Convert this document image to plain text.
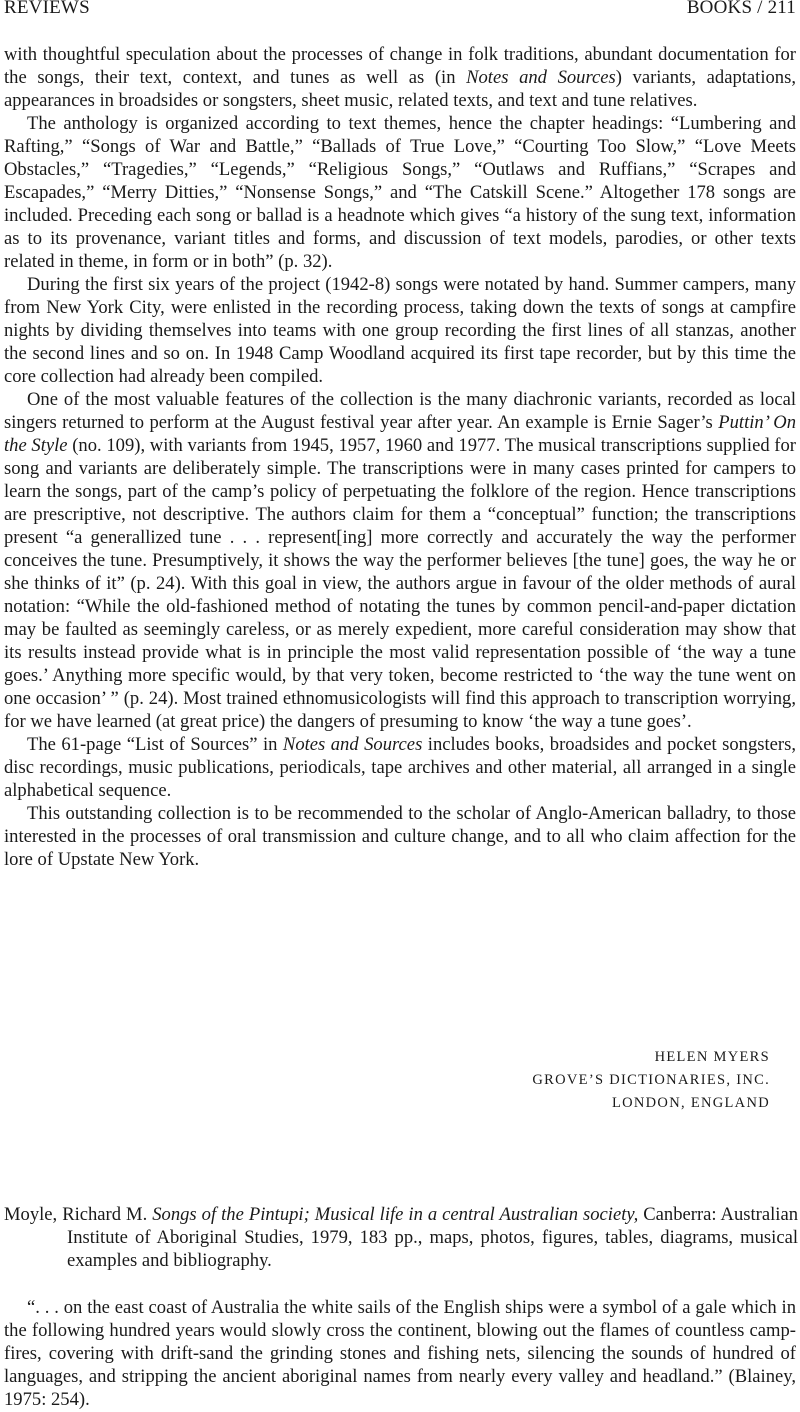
REVIEWS	BOOKS / 211

with thoughtful speculation about the processes of change in folk traditions, abundant documentation for the songs, their text, context, and tunes as well as (in Notes and Sources) variants, adaptations, appearances in broadsides or songsters, sheet music, related texts, and text and tune relatives.

The anthology is organized according to text themes, hence the chapter headings: “Lumbering and Rafting,” “Songs of War and Battle,” “Ballads of True Love,” “Courting Too Slow,” “Love Meets Obstacles,” “Tragedies,” “Legends,” “Religious Songs,” “Outlaws and Ruffians,” “Scrapes and Escapades,” “Merry Ditties,” “Nonsense Songs,” and “The Catskill Scene.” Altogether 178 songs are included. Preceding each song or ballad is a headnote which gives “a history of the sung text, information as to its provenance, variant titles and forms, and discussion of text models, parodies, or other texts related in theme, in form or in both” (p. 32).

During the first six years of the project (1942-8) songs were notated by hand. Summer campers, many from New York City, were enlisted in the recording process, taking down the texts of songs at campfire nights by dividing themselves into teams with one group recording the first lines of all stanzas, another the second lines and so on. In 1948 Camp Woodland acquired its first tape recorder, but by this time the core collection had already been compiled.

One of the most valuable features of the collection is the many diachronic variants, recorded as local singers returned to perform at the August festival year after year. An example is Ernie Sager’s Puttin’ On the Style (no. 109), with variants from 1945, 1957, 1960 and 1977. The musical transcriptions supplied for song and variants are deliberately simple. The transcriptions were in many cases printed for campers to learn the songs, part of the camp’s policy of perpetuating the folklore of the region. Hence transcriptions are prescriptive, not descriptive. The authors claim for them a “conceptual” function; the transcriptions present “a generallized tune . . . represent[ing] more correctly and accurately the way the performer conceives the tune. Presumptively, it shows the way the performer believes [the tune] goes, the way he or she thinks of it” (p. 24). With this goal in view, the authors argue in favour of the older methods of aural notation: “While the old-fashioned method of notating the tunes by common pencil-and-paper dictation may be faulted as seemingly careless, or as merely expedient, more careful consideration may show that its results instead provide what is in principle the most valid representation possible of ‘the way a tune goes.’ Anything more specific would, by that very token, become restricted to ‘the way the tune went on one occasion’ ” (p. 24). Most trained ethnomusicologists will find this approach to transcription worrying, for we have learned (at great price) the dangers of presuming to know ‘the way a tune goes’.

The 61-page “List of Sources” in Notes and Sources includes books, broadsides and pocket songsters, disc recordings, music publications, periodicals, tape archives and other material, all arranged in a single alphabetical sequence.

This outstanding collection is to be recommended to the scholar of Anglo-American balladry, to those interested in the processes of oral transmission and culture change, and to all who claim affection for the lore of Upstate New York.

HELEN MYERS
GROVE’S DICTIONARIES, INC.
LONDON, ENGLAND
Moyle, Richard M. Songs of the Pintupi; Musical life in a central Australian society, Canberra: Australian Institute of Aboriginal Studies, 1979, 183 pp., maps, photos, figures, tables, diagrams, musical examples and bibliography.

“. . . on the east coast of Australia the white sails of the English ships were a symbol of a gale which in the following hundred years would slowly cross the continent, blowing out the flames of countless camp-fires, covering with drift-sand the grinding stones and fishing nets, silencing the sounds of hundred of languages, and stripping the ancient aboriginal names from nearly every valley and headland.” (Blainey, 1975: 254).
